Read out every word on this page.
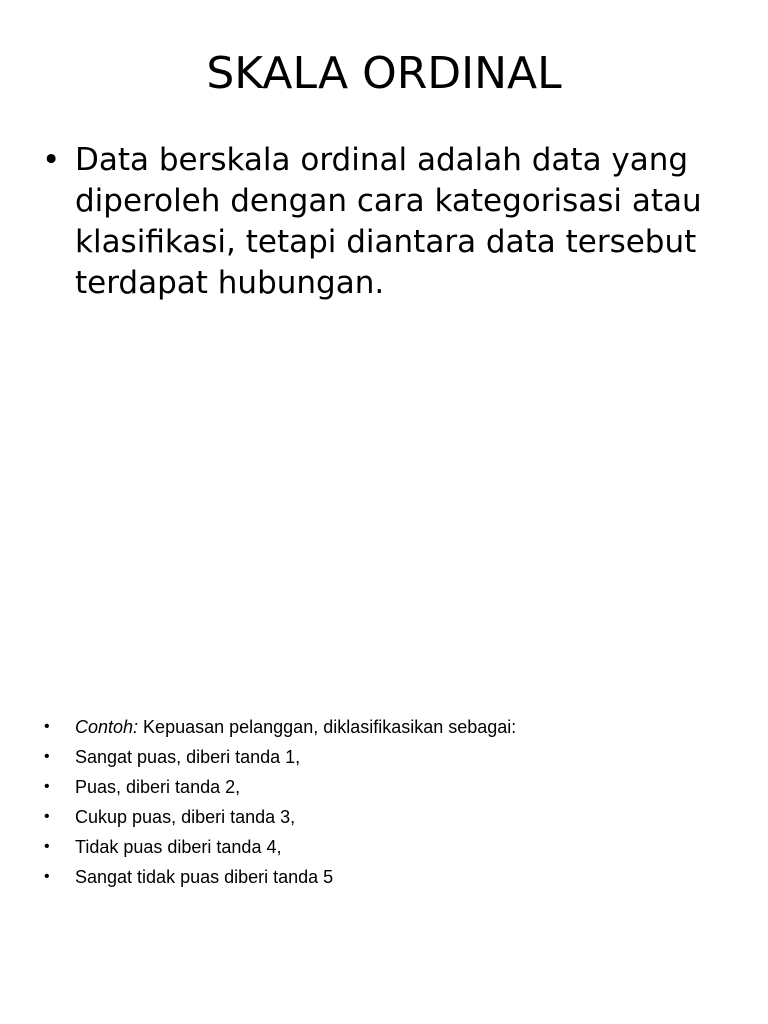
SKALA ORDINAL
• Data berskala ordinal adalah data yang diperoleh dengan cara kategorisasi atau klasifikasi, tetapi diantara data tersebut terdapat hubungan.
•	Contoh: Kepuasan pelanggan, diklasifikasikan sebagai:
•	Sangat puas, diberi tanda 1,
•	Puas, diberi tanda 2,
•	Cukup puas, diberi tanda 3,
•	Tidak puas diberi tanda 4,
•	Sangat tidak puas diberi tanda 5
